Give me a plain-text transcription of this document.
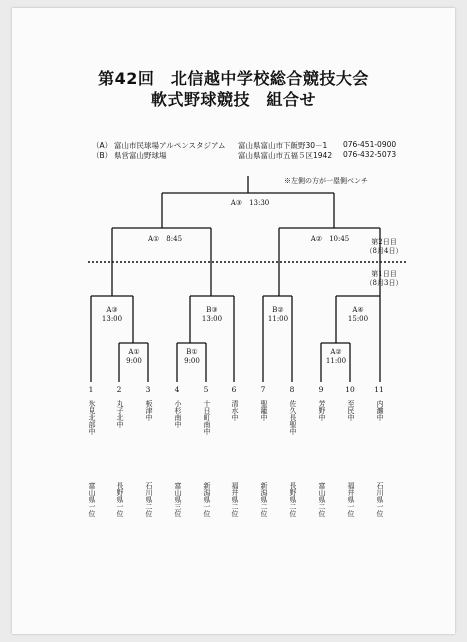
第42回　北信越中学校総合競技大会
軟式野球競技　組合せ
（A） 富山市民球場アルペンスタジアム 富山県富山市下飯野30－1 076-451-0900
（B） 県営富山野球場	富山県富山市五福５区1942 076-432-5073
※左側の方が一塁側ベンチ
第2日目
（8月4日）
第1日目
（8月3日）
A③　13:30
A①　8:45	A②　10:45
A③
13:00
B③
13:00
B②
11:00
A④
15:00
A①
9:00
B①
9:00
A②
11:00
1	2	3	4	5	6	7	8	9	10	11
氷見北部中	丸子北中	板津中	小杉南中	十日町南中	清水中	聖籠中	佐久長聖中	芳野中	至民中	内灘中
富山県一位	長野県一位	石川県二位	富山県三位	新潟県一位	福井県二位	新潟県二位	長野県二位	富山県二位	福井県一位	石川県一位
